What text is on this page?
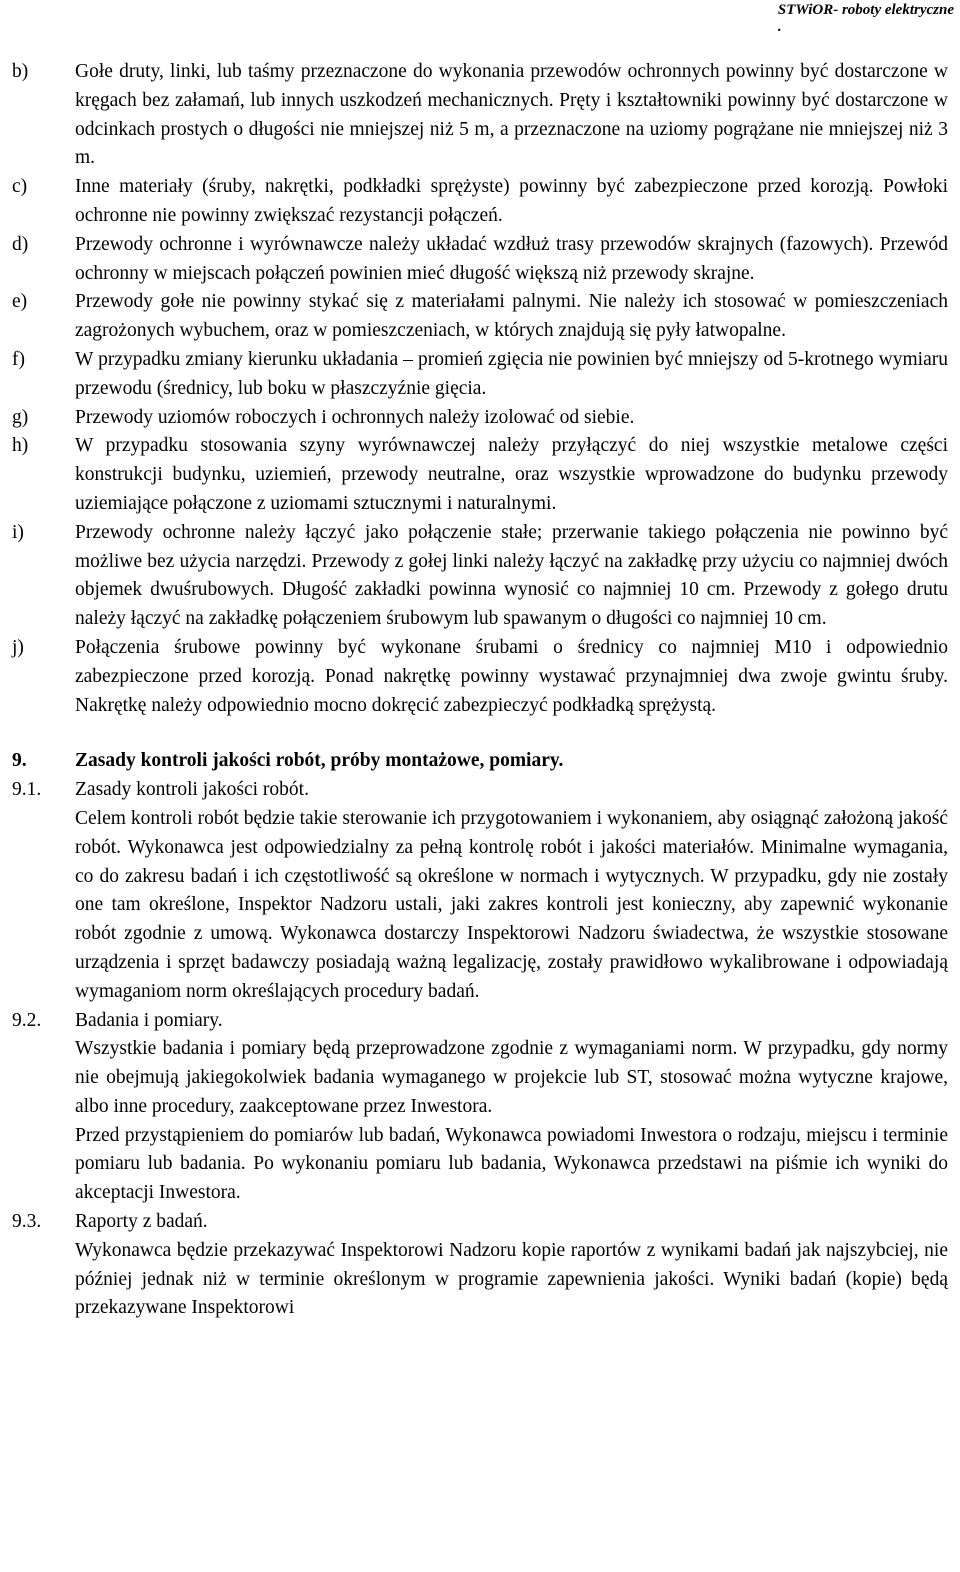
STWiOR- roboty elektryczne
.
b)	Gołe druty, linki, lub taśmy przeznaczone do wykonania przewodów ochronnych powinny być dostarczone w kręgach bez załamań, lub innych uszkodzeń mechanicznych. Pręty i kształtowniki powinny być dostarczone w odcinkach prostych o długości nie mniejszej niż 5 m, a przeznaczone na uziomy pogrążane nie mniejszej niż 3 m.
c)	Inne materiały (śruby, nakrętki, podkładki sprężyste) powinny być zabezpieczone przed korozją. Powłoki ochronne nie powinny zwiększać rezystancji połączeń.
d)	Przewody ochronne i wyrównawcze należy układać wzdłuż trasy przewodów skrajnych (fazowych). Przewód ochronny w miejscach połączeń powinien mieć długość większą niż przewody skrajne.
e)	Przewody gołe nie powinny stykać się z materiałami palnymi. Nie należy ich stosować w pomieszczeniach zagrożonych wybuchem, oraz w pomieszczeniach, w których znajdują się pyły łatwopalne.
f)	W przypadku zmiany kierunku układania – promień zgięcia nie powinien być mniejszy od 5-krotnego wymiaru przewodu (średnicy, lub boku w płaszczyźnie gięcia.
g)	Przewody uziomów roboczych i ochronnych należy izolować od siebie.
h)	W przypadku stosowania szyny wyrównawczej należy przyłączyć do niej wszystkie metalowe części konstrukcji budynku, uziemień, przewody neutralne, oraz wszystkie wprowadzone do budynku przewody uziemiające połączone z uziomami sztucznymi i naturalnymi.
i)	Przewody ochronne należy łączyć jako połączenie stałe; przerwanie takiego połączenia nie powinno być możliwe bez użycia narzędzi. Przewody z gołej linki należy łączyć na zakładkę przy użyciu co najmniej dwóch objemek dwuśrubowych. Długość zakładki powinna wynosić co najmniej 10 cm. Przewody z gołego drutu należy łączyć na zakładkę połączeniem śrubowym lub spawanym o długości co najmniej 10 cm.
j)	Połączenia śrubowe powinny być wykonane śrubami o średnicy co najmniej M10 i odpowiednio zabezpieczone przed korozją. Ponad nakrętkę powinny wystawać przynajmniej dwa zwoje gwintu śruby. Nakrętkę należy odpowiednio mocno dokręcić zabezpieczyć podkładką sprężystą.
9.	Zasady kontroli jakości robót, próby montażowe, pomiary.
9.1.	Zasady kontroli jakości robót.
Celem kontroli robót będzie takie sterowanie ich przygotowaniem i wykonaniem, aby osiągnąć założoną jakość robót. Wykonawca jest odpowiedzialny za pełną kontrolę robót i jakości materiałów. Minimalne wymagania, co do zakresu badań i ich częstotliwość są określone w normach i wytycznych. W przypadku, gdy nie zostały one tam określone, Inspektor Nadzoru ustali, jaki zakres kontroli jest konieczny, aby zapewnić wykonanie robót zgodnie z umową. Wykonawca dostarczy Inspektorowi Nadzoru świadectwa, że wszystkie stosowane urządzenia i sprzęt badawczy posiadają ważną legalizację, zostały prawidłowo wykalibrowane i odpowiadają wymaganiom norm określających procedury badań.
9.2.	Badania i pomiary.
Wszystkie badania i pomiary będą przeprowadzone zgodnie z wymaganiami norm. W przypadku, gdy normy nie obejmują jakiegokolwiek badania wymaganego w projekcie lub ST, stosować można wytyczne krajowe, albo inne procedury, zaakceptowane przez Inwestora.
Przed przystąpieniem do pomiarów lub badań, Wykonawca powiadomi Inwestora o rodzaju, miejscu i terminie pomiaru lub badania. Po wykonaniu pomiaru lub badania, Wykonawca przedstawi na piśmie ich wyniki do akceptacji Inwestora.
9.3.	Raporty z badań.
Wykonawca będzie przekazywać Inspektorowi Nadzoru kopie raportów z wynikami badań jak najszybciej, nie później jednak niż w terminie określonym w programie zapewnienia jakości. Wyniki badań (kopie) będą przekazywane Inspektorowi
